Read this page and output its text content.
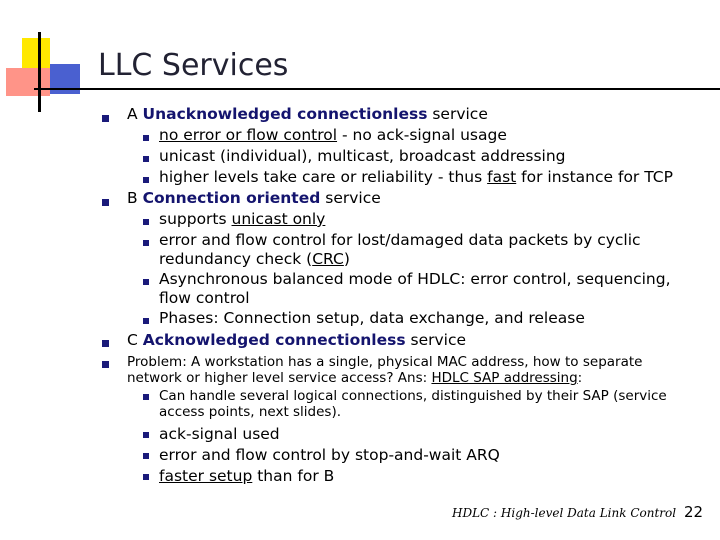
LLC Services
A Unacknowledged connectionless service
no error or flow control - no ack-signal usage
unicast (individual), multicast, broadcast addressing
higher levels take care or reliability - thus fast for instance for TCP
B Connection oriented service
supports unicast only
error and flow control for lost/damaged data packets by cyclic
redundancy check (CRC)
Asynchronous balanced mode of HDLC: error control, sequencing,
flow control
Phases: Connection setup, data exchange, and release
C Acknowledged connectionless service
Problem: A workstation has a single, physical MAC address, how to separate
network or higher level service access? Ans: HDLC SAP addressing:
Can handle several logical connections, distinguished by their SAP (service
access points, next slides).
ack-signal used
error and flow control by stop-and-wait ARQ
faster setup than for B
HDLC : High-level Data Link Control 22
